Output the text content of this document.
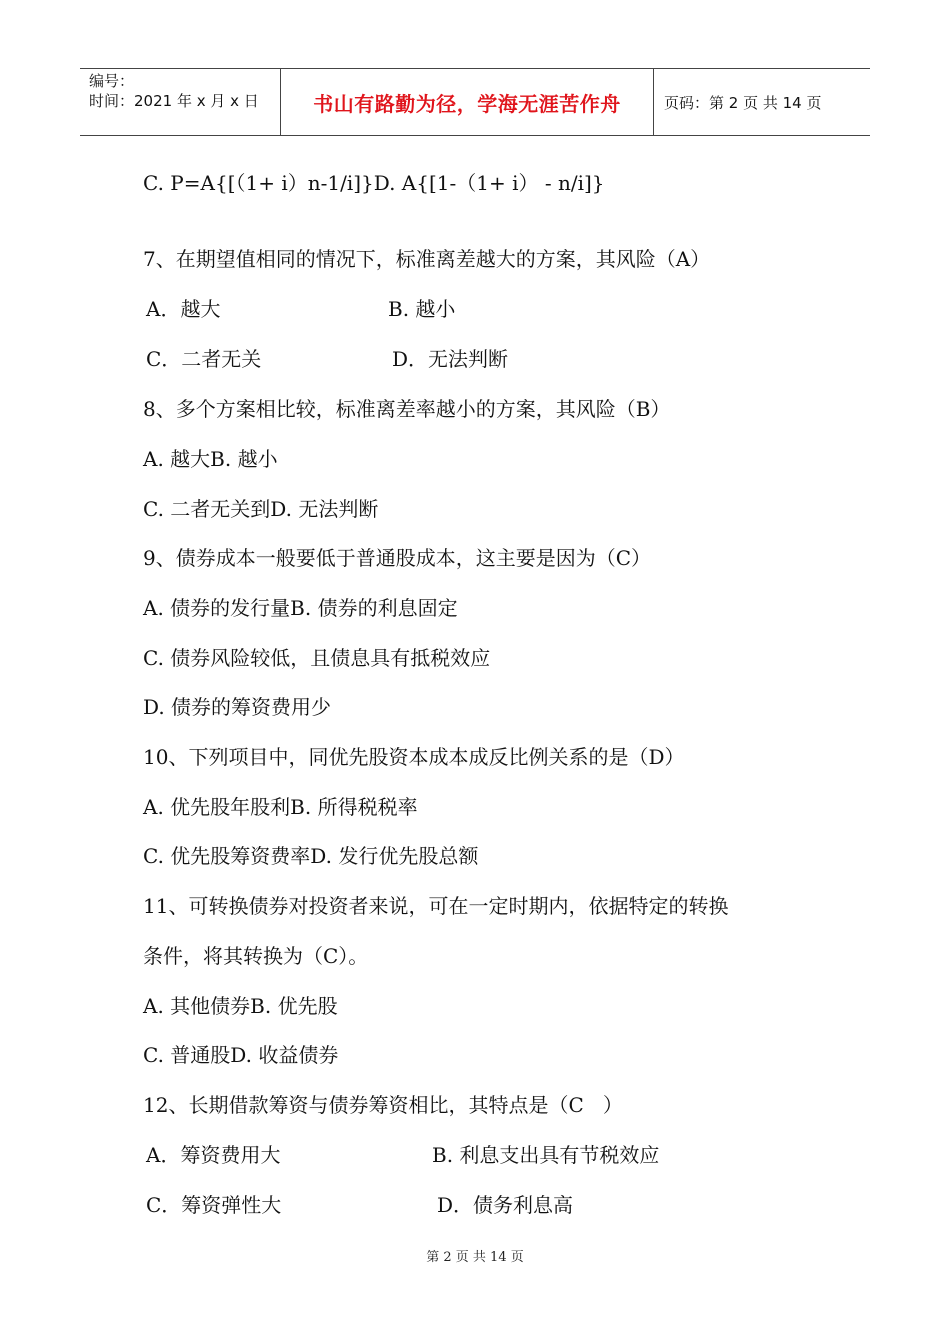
编号：
时间：2021 年 x 月 x 日	书山有路勤为径，学海无涯苦作舟	页码：第 2 页 共 14 页
C. P=A{[（1+ i）n-1/i]}D. A{[1-（1+ i） - n/i]}
7、在期望值相同的情况下，标准离差越大的方案，其风险（A）
A．越大	B. 越小
C．二者无关	D．无法判断
8、多个方案相比较，标准离差率越小的方案，其风险（B）
A. 越大B. 越小
C. 二者无关到D. 无法判断
9、债券成本一般要低于普通股成本，这主要是因为（C）
A. 债券的发行量B. 债券的利息固定
C. 债券风险较低，且债息具有抵税效应
D. 债券的筹资费用少
10、下列项目中，同优先股资本成本成反比例关系的是（D）
A. 优先股年股利B. 所得税税率
C. 优先股筹资费率D. 发行优先股总额
11、可转换债券对投资者来说，可在一定时期内，依据特定的转换
条件，将其转换为（C）。
A. 其他债券B. 优先股
C. 普通股D. 收益债券
12、长期借款筹资与债券筹资相比，其特点是（C   ）
A．筹资费用大	B. 利息支出具有节税效应
C．筹资弹性大	D．债务利息高
第 2 页 共 14 页
